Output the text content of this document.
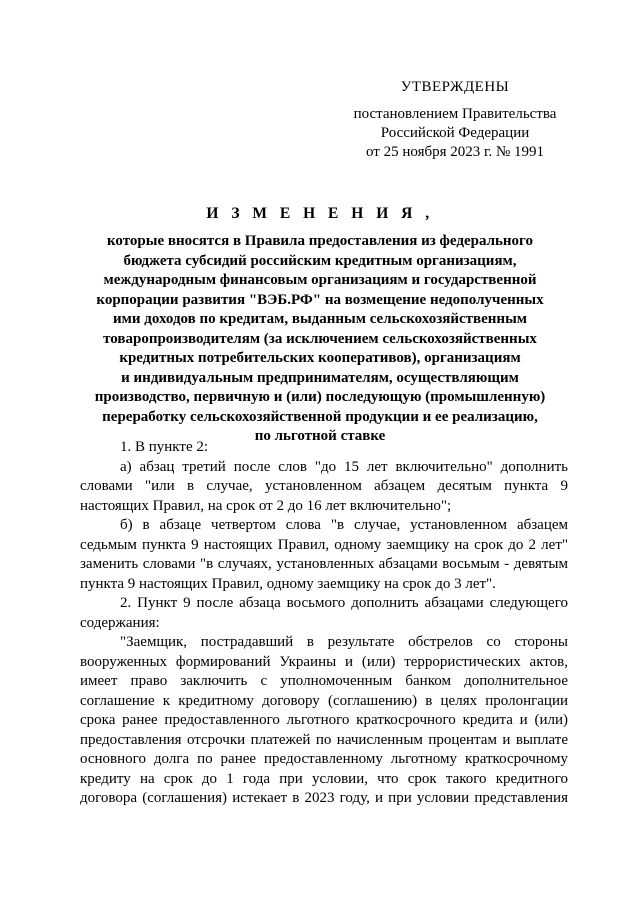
УТВЕРЖДЕНЫ
постановлением Правительства
Российской Федерации
от 25 ноября 2023 г. № 1991
И З М Е Н Е Н И Я ,
которые вносятся в Правила предоставления из федерального
бюджета субсидий российским кредитным организациям,
международным финансовым организациям и государственной
корпорации развития "ВЭБ.РФ" на возмещение недополученных
ими доходов по кредитам, выданным сельскохозяйственным
товаропроизводителям (за исключением сельскохозяйственных
кредитных потребительских кооперативов), организациям
и индивидуальным предпринимателям, осуществляющим
производство, первичную и (или) последующую (промышленную)
переработку сельскохозяйственной продукции и ее реализацию,
по льготной ставке
1. В пункте 2:
а) абзац третий после слов "до 15 лет включительно" дополнить
словами "или в случае, установленном абзацем десятым пункта 9
настоящих Правил, на срок от 2 до 16 лет включительно";
б) в абзаце четвертом слова "в случае, установленном абзацем
седьмым пункта 9 настоящих Правил, одному заемщику на срок до 2 лет"
заменить словами "в случаях, установленных абзацами восьмым - девятым
пункта 9 настоящих Правил, одному заемщику на срок до 3 лет".
2. Пункт 9 после абзаца восьмого дополнить абзацами следующего
содержания:
"Заемщик, пострадавший в результате обстрелов со стороны
вооруженных формирований Украины и (или) террористических актов,
имеет право заключить с уполномоченным банком дополнительное
соглашение к кредитному договору (соглашению) в целях пролонгации
срока ранее предоставленного льготного краткосрочного кредита и (или)
предоставления отсрочки платежей по начисленным процентам и выплате
основного долга по ранее предоставленному льготному краткосрочному
кредиту на срок до 1 года при условии, что срок такого кредитного
договора (соглашения) истекает в 2023 году, и при условии представления
